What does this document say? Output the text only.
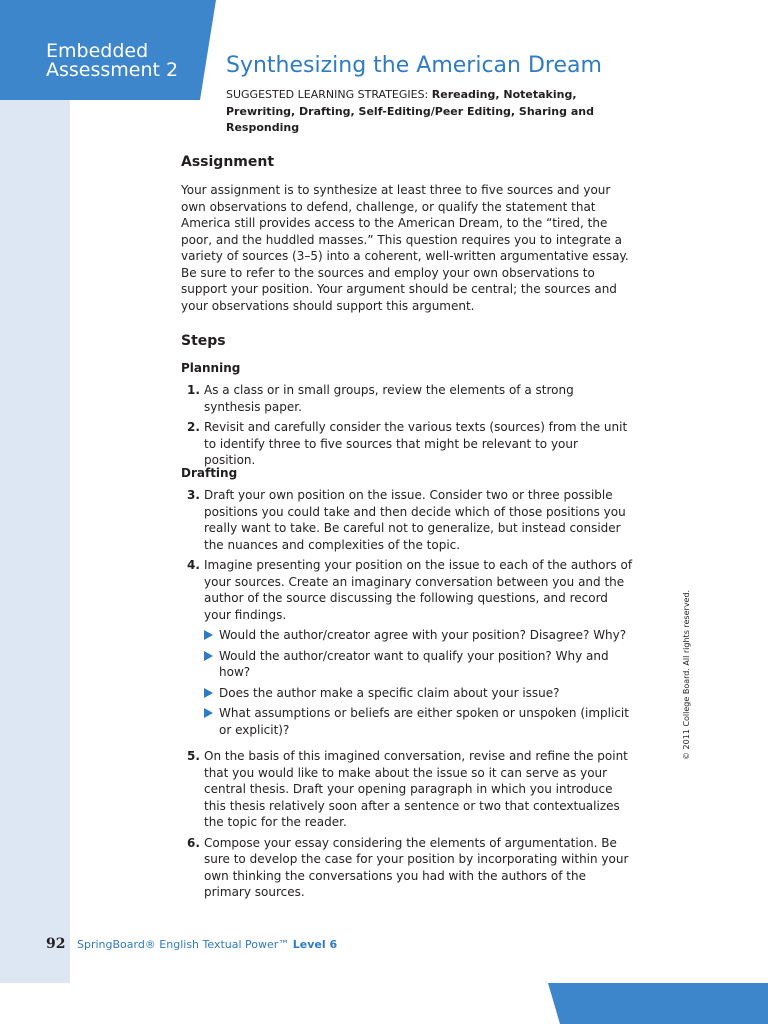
Embedded
Assessment 2 Synthesizing the American Dream
SUGGESTED LEARNING STRATEGIES: Rereading, Notetaking, Prewriting, Drafting, Self-Editing/Peer Editing, Sharing and Responding
Assignment

Your assignment is to synthesize at least three to five sources and your own observations to defend, challenge, or qualify the statement that America still provides access to the American Dream, to the “tired, the poor, and the huddled masses.” This question requires you to integrate a variety of sources (3–5) into a coherent, well-written argumentative essay. Be sure to refer to the sources and employ your own observations to support your position. Your argument should be central; the sources and your observations should support this argument.

Steps
Planning
1. As a class or in small groups, review the elements of a strong synthesis paper.
2. Revisit and carefully consider the various texts (sources) from the unit to identify three to five sources that might be relevant to your position.
Drafting
3. Draft your own position on the issue. Consider two or three possible positions you could take and then decide which of those positions you really want to take. Be careful not to generalize, but instead consider the nuances and complexities of the topic.
4. Imagine presenting your position on the issue to each of the authors of your sources. Create an imaginary conversation between you and the author of the source discussing the following questions, and record your findings.
Would the author/creator agree with your position? Disagree? Why?
Would the author/creator want to qualify your position? Why and how?
Does the author make a specific claim about your issue?
What assumptions or beliefs are either spoken or unspoken (implicit or explicit)?
5. On the basis of this imagined conversation, revise and refine the point that you would like to make about the issue so it can serve as your central thesis. Draft your opening paragraph in which you introduce this thesis relatively soon after a sentence or two that contextualizes the topic for the reader.
6. Compose your essay considering the elements of argumentation. Be sure to develop the case for your position by incorporating within your own thinking the conversations you had with the authors of the primary sources.
© 2011 College Board. All rights reserved.
92 SpringBoard® English Textual Power™ Level 6
